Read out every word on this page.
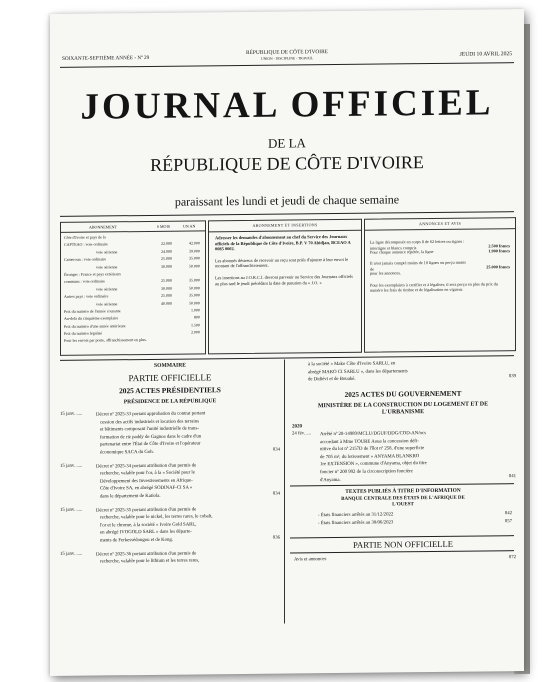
SOIXANTE-SEPTIÈME ANNÉE - Nº 29
RÉPUBLIQUE DE CÔTE D'IVOIRE
UNION - DISCIPLINE - TRAVAIL
JEUDI 10 AVRIL 2025
JOURNAL OFFICIEL
DE LA
RÉPUBLIQUE DE CÔTE D'IVOIRE
paraissant les lundi et jeudi de chaque semaine
ABONNEMENT	6 MOIS	UN AN
Côte d'Ivoire et pays de la
CAPTEAO : voie ordinaire	22.000	42.000
voie aérienne	24.000	39.000
Cameroun : voie ordinaire	25.000	35.000
voie aérienne	30.000	50.000
Étranger : France et pays extérieurs
communs : voie ordinaire	25.000	35.000
voie aérienne	30.000	50.000
Autres pays : voie ordinaire	25.000	35.000
voie aérienne	40.000	50.000
Prix du numéro de l'année courante	1.000
Au-delà du cinquième exemplaire	800
Prix du numéro d'une année antérieure	1.500
Prix du numéro légalisé	2.000
Pour les envois par poste, affranchissement en plus.
ABONNEMENT ET INSERTIONS
Adresser les demandes d'abonnement au chef du Service des Journaux officiels de la République de Côte d'Ivoire, B.P. V 70 Abidjan, BCEAO A 0085 0002.
Les abonnés désireux de recevoir un reçu sont priés d'ajouter à leur envoi le montant de l'affranchissement.
Les insertions au J.O.R.C.I. devront parvenir au Service des Journaux officiels au plus tard le jeudi précédant la date de parution du « J.O. »
ANNONCES ET AVIS
La ligne décomposée en corps 8 de 62 lettres ou signes : intertigne et blancs compris	2.500 francs
Pour chaque annonce répétée, la ligne	1.900 francs
Il n'est jamais compté moins de 10 lignes ou perçu moins de	25.000 francs
pour les annonces.
Pour les exemplaires à certifier et à légaliser, il sera perçu en plus du prix du numéro les frais de timbre et de légalisation en vigueur.
SOMMAIRE
PARTIE OFFICIELLE
2025 ACTES PRÉSIDENTIELS
PRÉSIDENCE DE LA RÉPUBLIQUE
15 janv. .....	Décret nº 2025-33 portant approbation du contrat portant
cession des actifs industriels et location des terrains
et bâtiments composant l'unité industrielle de trans-
formation de riz paddy de Gagnoa dans le cadre d'un
partenariat entre l'État de Côte d'Ivoire et l'opérateur
économique SACA du Goh.	834
15 janv. .....	Décret nº 2025-34 portant attribution d'un permis de
recherche, valable pour l'or, à la « Société pour le
Développement des Investissements en Afrique-
Côte d'Ivoire SA, en abrégé SODINAF-CI SA »
dans le département de Katiola.	834
15 janv. .....	Décret nº 2025-35 portant attribution d'un permis de
recherche, valable pour le nickel, les terres rares, le cobalt,
l'or et le chrome, à la société « Ivoire Gold SARL,
en abrégé IVOGOLD SARL » dans les départe-
ments de Ferkessédougou et de Kong.	836
15 janv. .....	Décret nº 2025-36 portant attribution d'un permis de
recherche, valable pour le lithium et les terres rares,
à la société « Mako Côte d'Ivoire SARLU, en
abrégé MAKO CI SARLU », dans les départements
de Didiévi et de Bouaké.
839
2025 ACTES DU GOUVERNEMENT
MINISTÈRE DE LA CONSTRUCTION DU LOGEMENT ET DE L'URBANISME
2020
24 fév. .... Arrêté nº 20-14989/MCLU/DGUF/DDG/COD-AN/ncs
accordant à Mme TOURE Aoua la concession défi-
nitive du lot nº 2157D de l'îlot nº 258, d'une superficie
de 705 m², du lotissement « ANYAMA BLANKRO
1re EXTENSION », commune d'Anyama, objet du titre
foncier nº 200 992 de la circonscription foncière
d'Anyama.
841
TEXTES PUBLIÉS À TITRE D'INFORMATION
BANQUE CENTRALE DES ÉTATS DE L'AFRIQUE DE L'OUEST
- États financiers arrêtés au 31/12/2022	842
- États financiers arrêtés au 30/06/2023	857
PARTIE NON OFFICIELLE
Avis et annonces	872
